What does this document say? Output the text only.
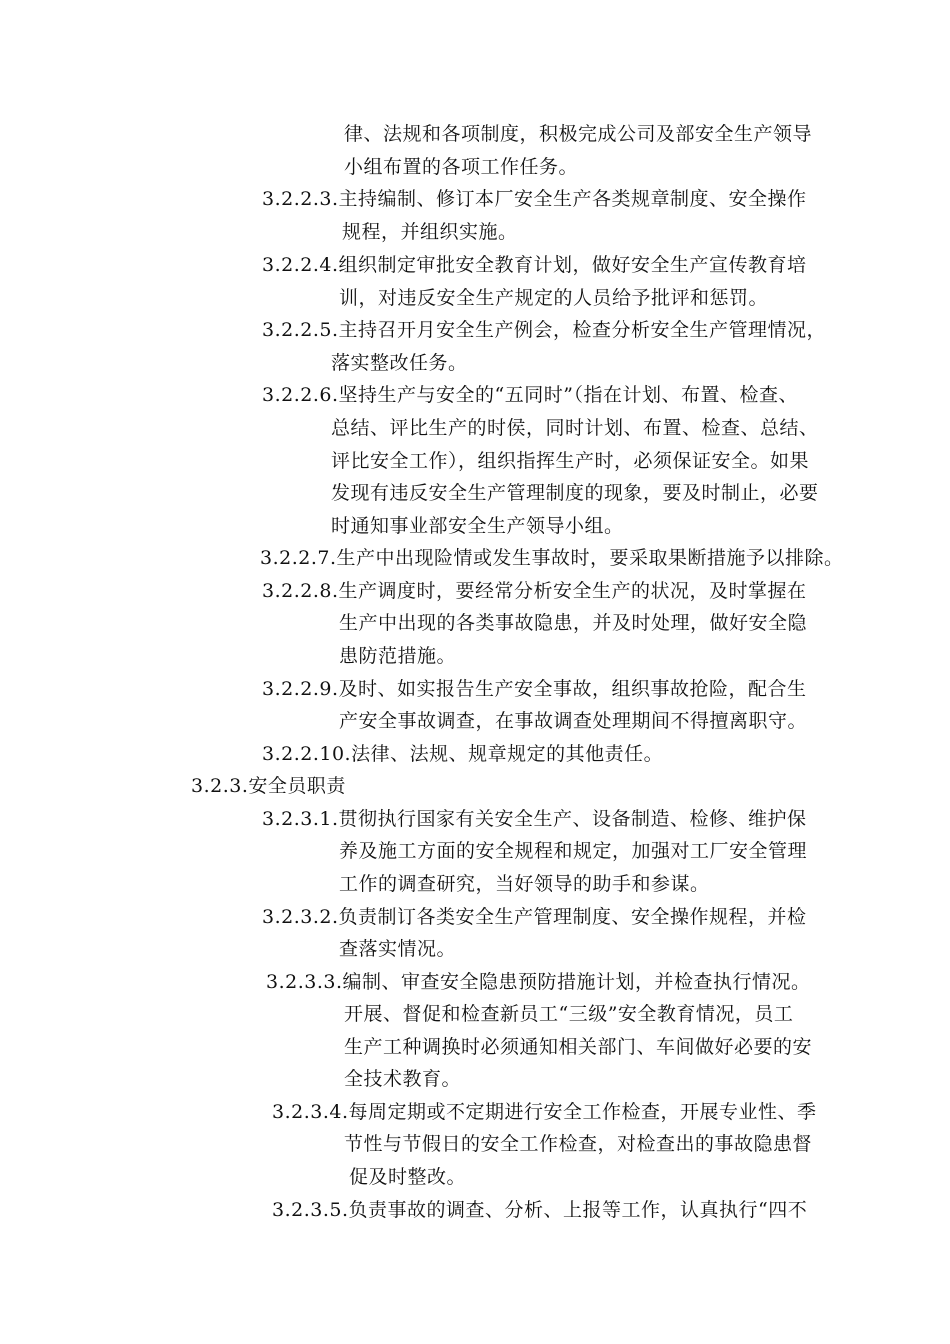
律、法规和各项制度，积极完成公司及部安全生产领导
小组布置的各项工作任务。
3.2.2.3.主持编制、修订本厂安全生产各类规章制度、安全操作
规程，并组织实施。
3.2.2.4.组织制定审批安全教育计划，做好安全生产宣传教育培
训，对违反安全生产规定的人员给予批评和惩罚。
3.2.2.5.主持召开月安全生产例会，检查分析安全生产管理情况，
落实整改任务。
3.2.2.6.坚持生产与安全的“五同时”（指在计划、布置、检查、
总结、评比生产的时侯，同时计划、布置、检查、总结、
评比安全工作），组织指挥生产时，必须保证安全。如果
发现有违反安全生产管理制度的现象，要及时制止，必要
时通知事业部安全生产领导小组。
3.2.2.7.生产中出现险情或发生事故时，要采取果断措施予以排除。
3.2.2.8.生产调度时，要经常分析安全生产的状况，及时掌握在
生产中出现的各类事故隐患，并及时处理，做好安全隐
患防范措施。
3.2.2.9.及时、如实报告生产安全事故，组织事故抢险，配合生
产安全事故调查，在事故调查处理期间不得擅离职守。
3.2.2.10.法律、法规、规章规定的其他责任。
3.2.3.安全员职责
3.2.3.1.贯彻执行国家有关安全生产、设备制造、检修、维护保
养及施工方面的安全规程和规定，加强对工厂安全管理
工作的调查研究，当好领导的助手和参谋。
3.2.3.2.负责制订各类安全生产管理制度、安全操作规程，并检
查落实情况。
3.2.3.3.编制、审查安全隐患预防措施计划，并检查执行情况。
开展、督促和检查新员工“三级”安全教育情况，员工
生产工种调换时必须通知相关部门、车间做好必要的安
全技术教育。
3.2.3.4.每周定期或不定期进行安全工作检查，开展专业性、季
节性与节假日的安全工作检查，对检查出的事故隐患督
促及时整改。
3.2.3.5.负责事故的调查、分析、上报等工作，认真执行“四不
